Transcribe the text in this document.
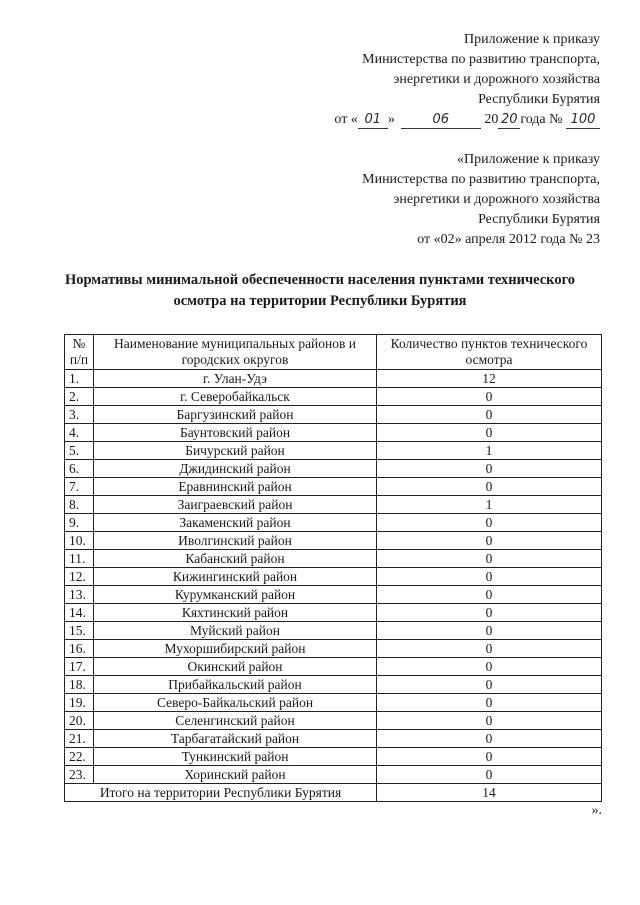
Приложение к приказу
Министерства по развитию транспорта,
энергетики и дорожного хозяйства
Республики Бурятия
от « 01 »	06	20 20 года № 100
«Приложение к приказу
Министерства по развитию транспорта,
энергетики и дорожного хозяйства
Республики Бурятия
от «02» апреля 2012 года № 23
Нормативы минимальной обеспеченности населения пунктами технического
осмотра на территории Республики Бурятия
№ п/п	Наименование муниципальных районов и городских округов	Количество пунктов технического осмотра
1.	г. Улан-Удэ	12
2.	г. Северобайкальск	0
3.	Баргузинский район	0
4.	Баунтовский район	0
5.	Бичурский район	1
6.	Джидинский район	0
7.	Еравнинский район	0
8.	Заиграевский район	1
9.	Закаменский район	0
10.	Иволгинский район	0
11.	Кабанский район	0
12.	Кижингинский район	0
13.	Курумканский район	0
14.	Кяхтинский район	0
15.	Муйский район	0
16.	Мухоршибирский район	0
17.	Окинский район	0
18.	Прибайкальский район	0
19.	Северо-Байкальский район	0
20.	Селенгинский район	0
21.	Тарбагатайский район	0
22.	Тункинский район	0
23.	Хоринский район	0
Итого на территории Республики Бурятия		14
».
